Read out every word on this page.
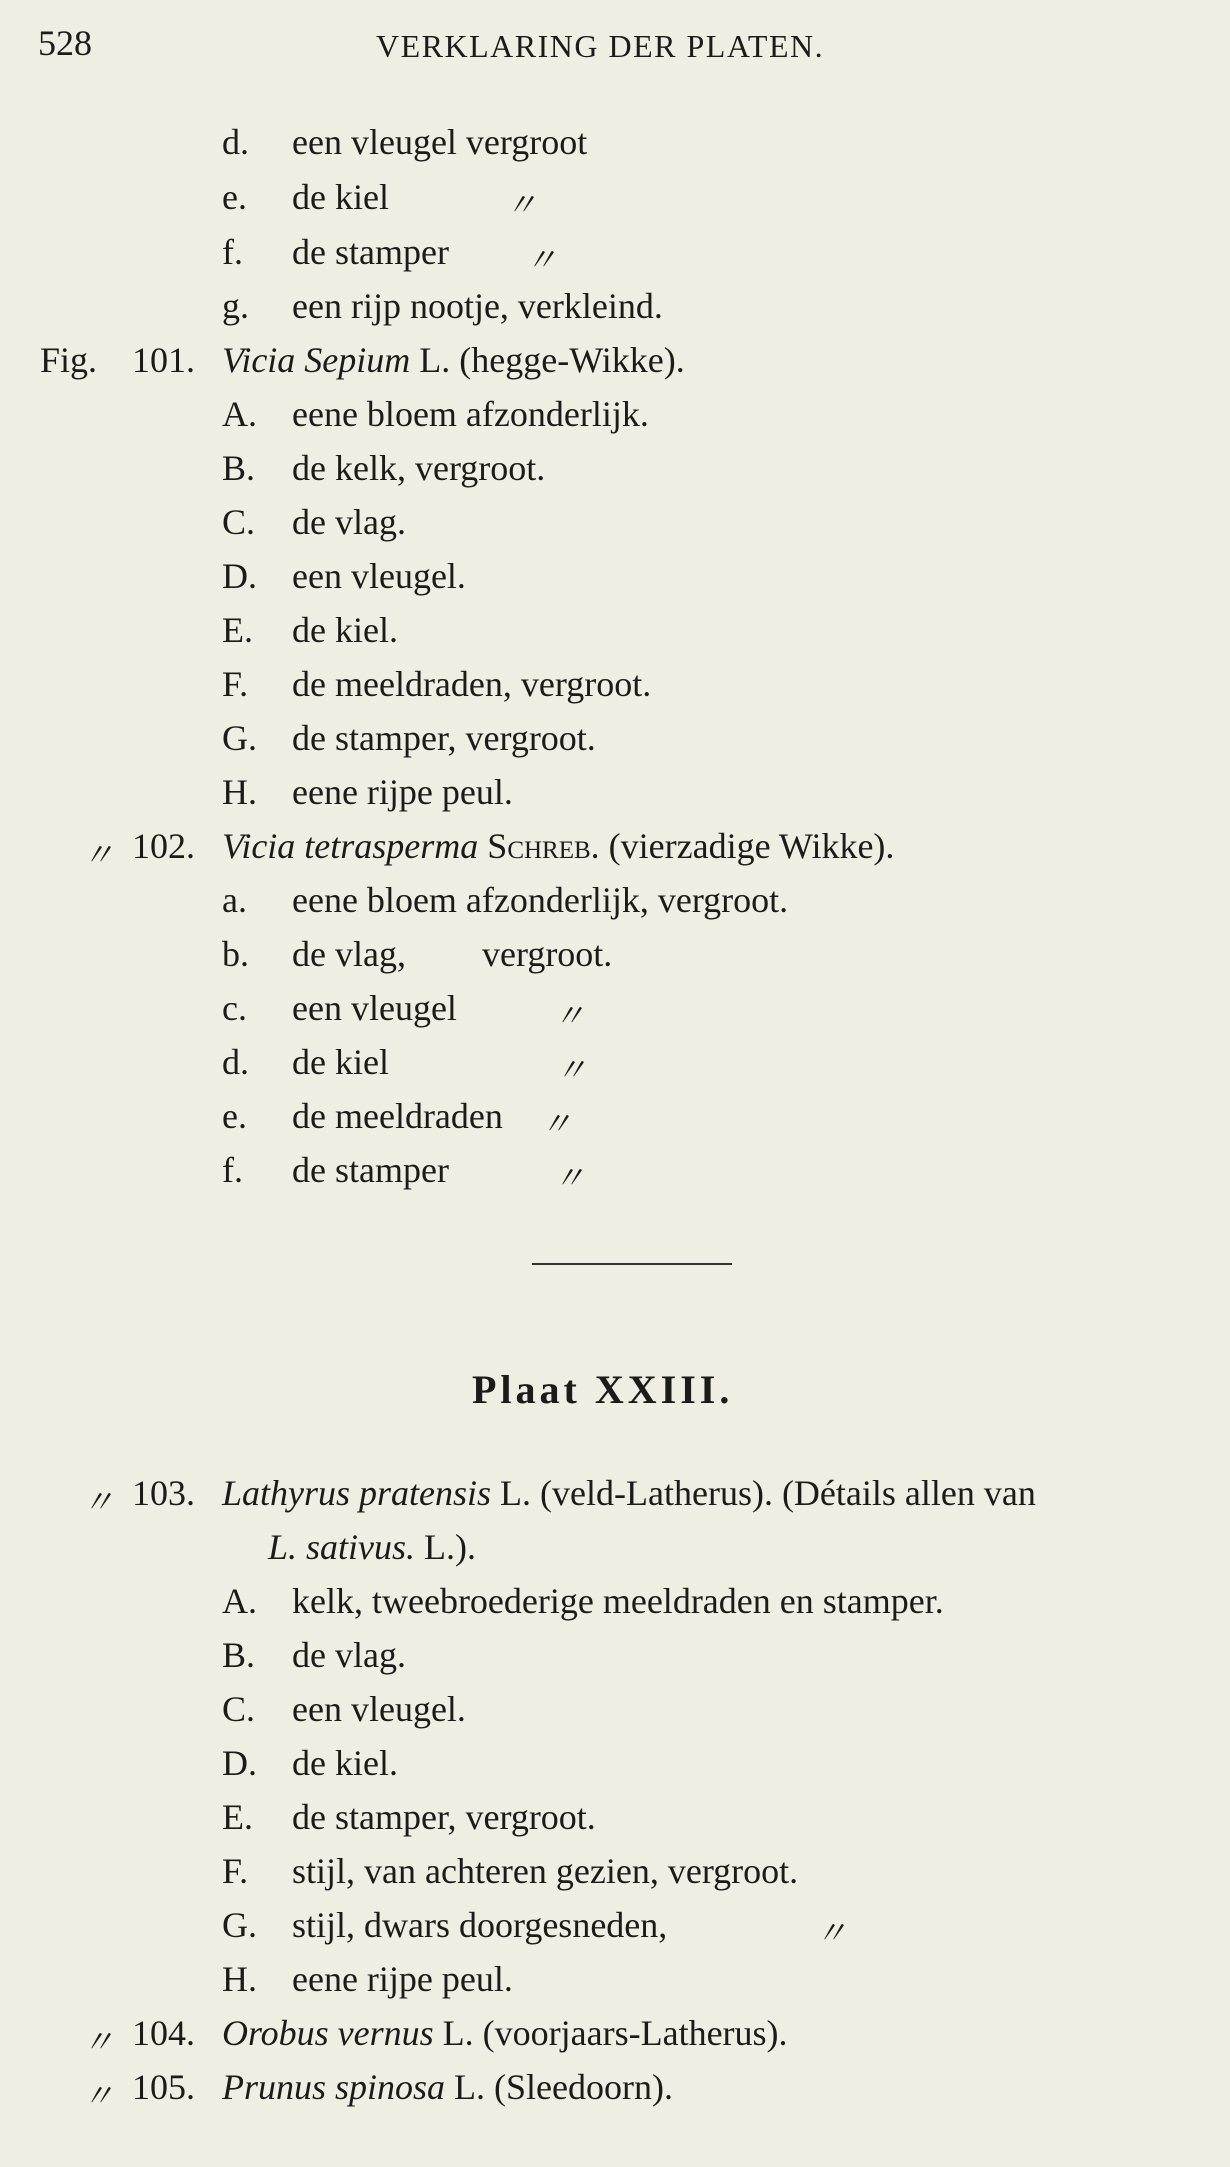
528	VERKLARING DER PLATEN.
d. een vleugel vergroot
e. de kiel	〃
f. de stamper 〃
g. een rijp nootje, verkleind.
Fig. 101. Vicia Sepium L. (hegge-Wikke).
A. eene bloem afzonderlijk.
B. de kelk, vergroot.
C. de vlag.
D. een vleugel.
E. de kiel.
F. de meeldraden, vergroot.
G. de stamper, vergroot.
H. eene rijpe peul.
〃 102. Vicia tetrasperma Schreb. (vierzadige Wikke).
a. eene bloem afzonderlijk, vergroot.
b. de vlag, vergroot.
c. een vleugel	〃
d. de kiel	〃
e. de meeldraden 〃
f. de stamper	〃
Plaat XXIII.
〃 103. Lathyrus pratensis L. (veld-Latherus). (Détails allen van
L. sativus. L.).
A. kelk, tweebroederige meeldraden en stamper.
B. de vlag.
C. een vleugel.
D. de kiel.
E. de stamper, vergroot.
F. stijl, van achteren gezien, vergroot.
G. stijl, dwars doorgesneden,	〃
H. eene rijpe peul.
〃 104. Orobus vernus L. (voorjaars-Latherus).
〃 105. Prunus spinosa L. (Sleedoorn).
